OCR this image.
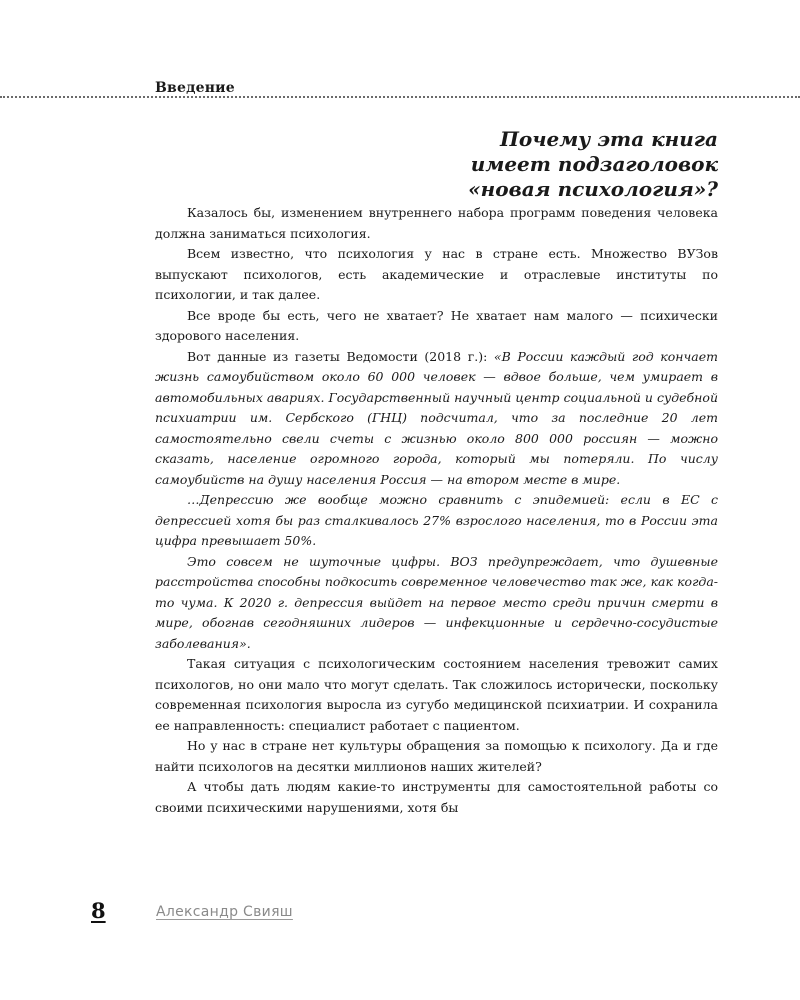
Введение
Почему эта книга
имеет подзаголовок
«новая психология»?

Казалось бы, изменением внутреннего набора программ поведения человека должна заниматься психология.

Всем известно, что психология у нас в стране есть. Множество ВУЗов выпускают психологов, есть академические и отраслевые институты по психологии, и так далее.

Все вроде бы есть, чего не хватает? Не хватает нам малого — психически здорового населения.

Вот данные из газеты Ведомости (2018 г.): «В России каждый год кончает жизнь самоубийством около 60 000 человек — вдвое больше, чем умирает в автомобильных авариях. Государственный научный центр социальной и судебной психиатрии им. Сербского (ГНЦ) подсчитал, что за последние 20 лет самостоятельно свели счеты с жизнью около 800 000 россиян — можно сказать, население огромного города, который мы потеряли. По числу самоубийств на душу населения Россия — на втором месте в мире.

…Депрессию же вообще можно сравнить с эпидемией: если в ЕС с депрессией хотя бы раз сталкивалось 27% взрослого населения, то в России эта цифра превышает 50%.

Это совсем не шуточные цифры. ВОЗ предупреждает, что душевные расстройства способны подкосить современное человечество так же, как когда-то чума. К 2020 г. депрессия выйдет на первое место среди причин смерти в мире, обогнав сегодняшних лидеров — инфекционные и сердечно-сосудистые заболевания».

Такая ситуация с психологическим состоянием населения тревожит самих психологов, но они мало что могут сделать. Так сложилось исторически, поскольку современная психология выросла из сугубо медицинской психиатрии. И сохранила ее направленность: специалист работает с пациентом.

Но у нас в стране нет культуры обращения за помощью к психологу. Да и где найти психологов на десятки миллионов наших жителей?

А чтобы дать людям какие-то инструменты для самостоятельной работы со своими психическими нарушениями, хотя бы

8	Александр Свияш
